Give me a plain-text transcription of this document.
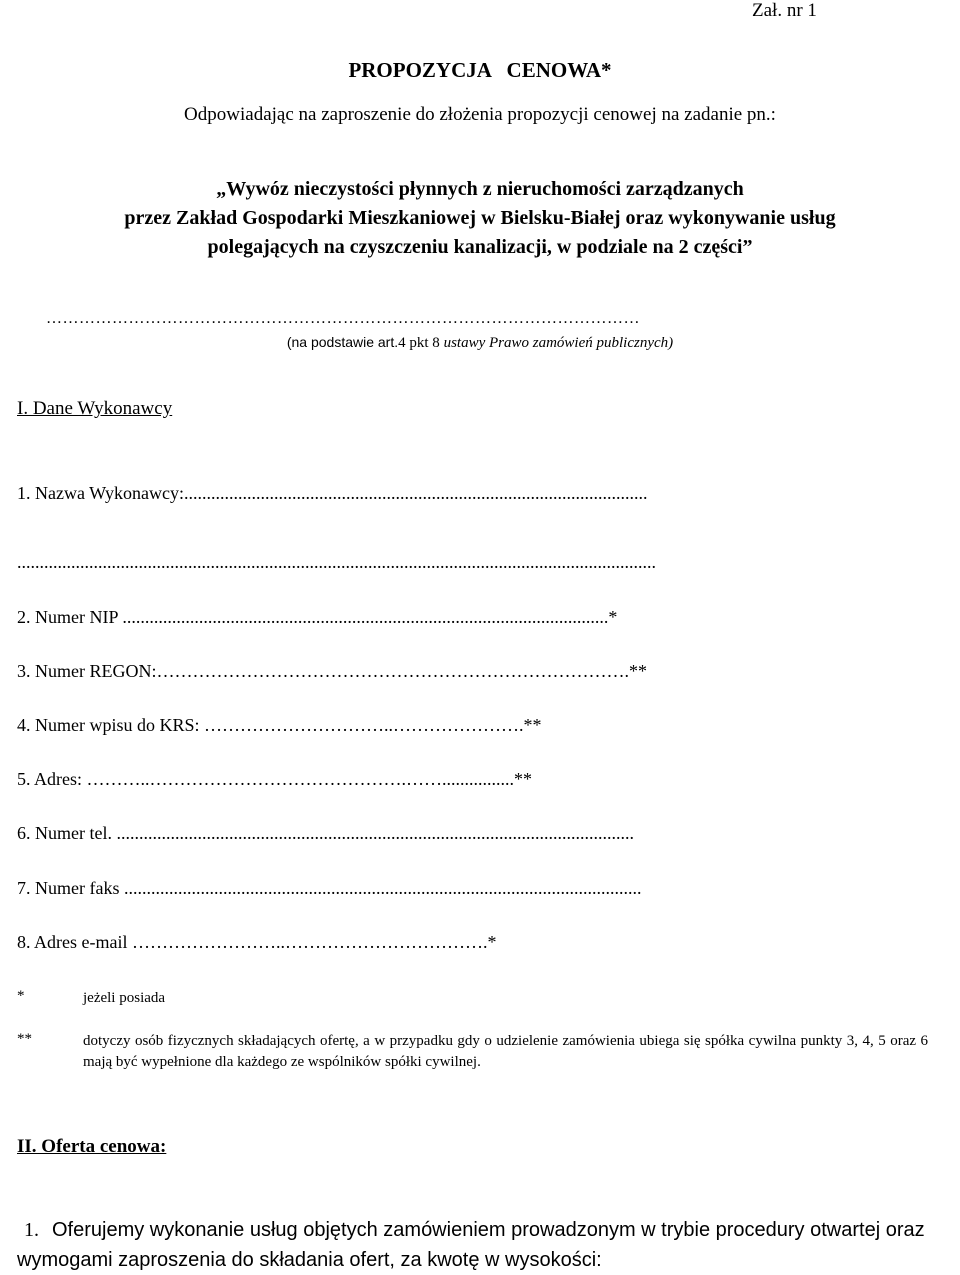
Zał. nr 1
PROPOZYCJA   CENOWA*
Odpowiadając na zaproszenie do złożenia propozycji cenowej na zadanie pn.:
„Wywóz nieczystości płynnych z nieruchomości zarządzanych
przez Zakład Gospodarki Mieszkaniowej w Bielsku-Białej oraz wykonywanie usług
polegających na czyszczeniu kanalizacji, w podziale na 2 części”
………………………………………………………………………………………………
(na podstawie art.4 pkt 8 ustawy Prawo zamówień publicznych)
I. Dane Wykonawcy
1. Nazwa Wykonawcy:.......................................................................................................
..............................................................................................................................................
2. Numer NIP ............................................................................................................*
3. Numer REGON:…………………………………………………………………….**
4. Numer wpisu do KRS: …………………………..………………….**
5. Adres: ………..…………………………………….……................**
6. Numer tel. ...................................................................................................................
7. Numer faks ...................................................................................................................
8. Adres e-mail ……………………..…………………………….*
*	jeżeli posiada
**	dotyczy osób fizycznych składających ofertę, a w przypadku gdy o udzielenie zamówienia ubiega się spółka cywilna punkty 3, 4, 5 oraz 6 mają być wypełnione dla każdego ze wspólników spółki cywilnej.
II. Oferta cenowa:
1. Oferujemy wykonanie usług objętych zamówieniem prowadzonym w trybie procedury otwartej oraz
wymogami zaproszenia do składania ofert, za kwotę w wysokości:
